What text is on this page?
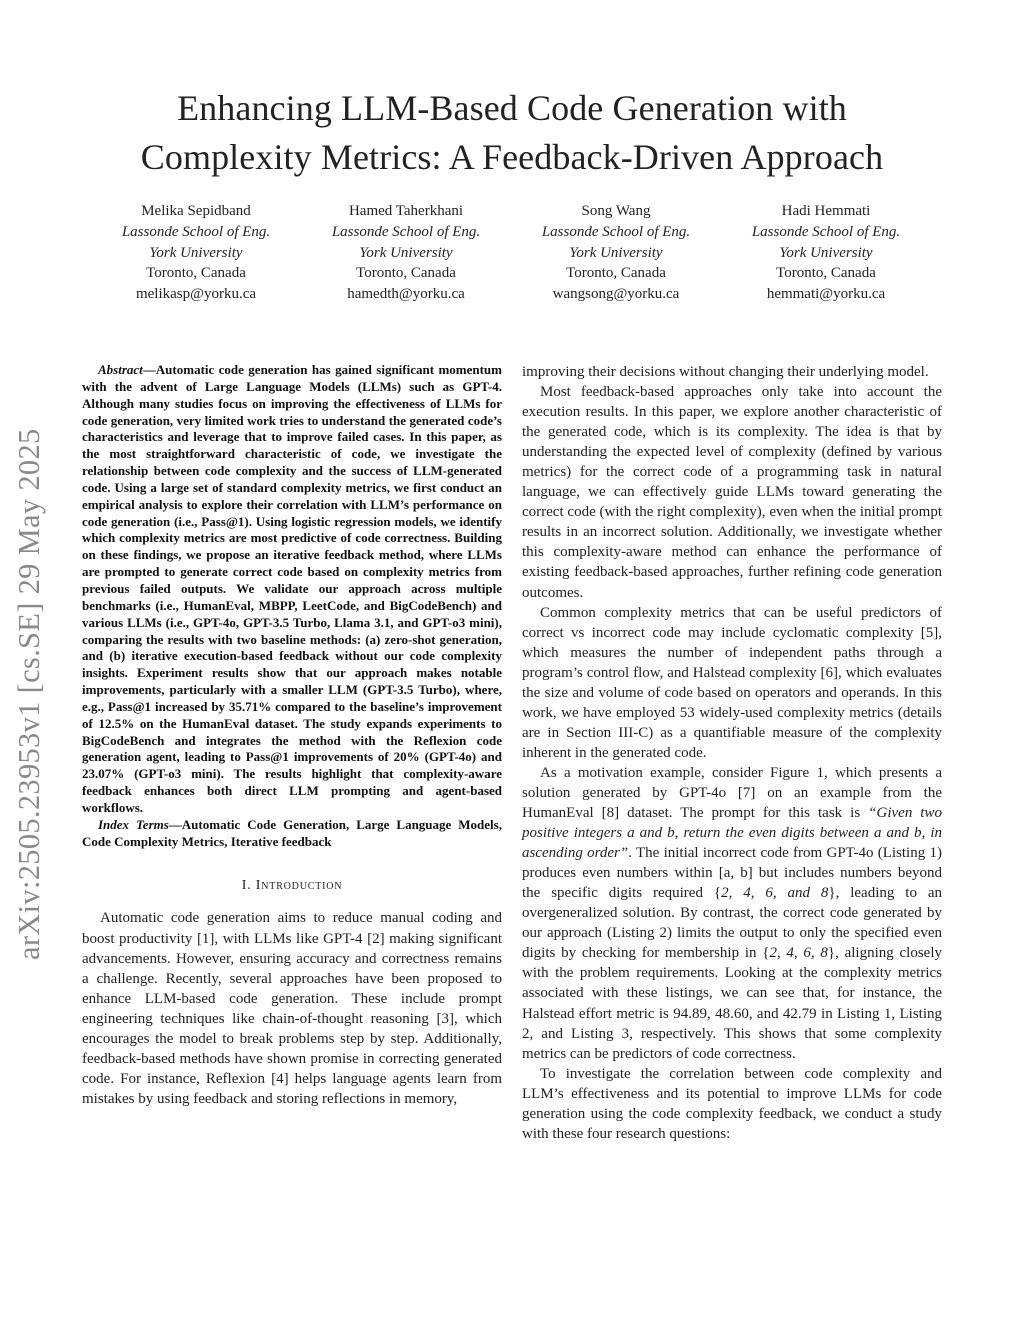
Enhancing LLM-Based Code Generation with
Complexity Metrics: A Feedback-Driven Approach
Melika Sepidband
Lassonde School of Eng.
York University
Toronto, Canada
melikasp@yorku.ca
Hamed Taherkhani
Lassonde School of Eng.
York University
Toronto, Canada
hamedth@yorku.ca
Song Wang
Lassonde School of Eng.
York University
Toronto, Canada
wangsong@yorku.ca
Hadi Hemmati
Lassonde School of Eng.
York University
Toronto, Canada
hemmati@yorku.ca
arXiv:2505.23953v1 [cs.SE] 29 May 2025

Abstract—Automatic code generation has gained significant momentum with the advent of Large Language Models (LLMs) such as GPT-4. Although many studies focus on improving the effectiveness of LLMs for code generation, very limited work tries to understand the generated code’s characteristics and leverage that to improve failed cases. In this paper, as the most straightforward characteristic of code, we investigate the relationship between code complexity and the success of LLM-generated code. Using a large set of standard complexity metrics, we first conduct an empirical analysis to explore their correlation with LLM’s performance on code generation (i.e., Pass@1). Using logistic regression models, we identify which complexity metrics are most predictive of code correctness. Building on these findings, we propose an iterative feedback method, where LLMs are prompted to generate correct code based on complexity metrics from previous failed outputs. We validate our approach across multiple benchmarks (i.e., HumanEval, MBPP, LeetCode, and BigCodeBench) and various LLMs (i.e., GPT-4o, GPT-3.5 Turbo, Llama 3.1, and GPT-o3 mini), comparing the results with two baseline methods: (a) zero-shot generation, and (b) iterative execution-based feedback without our code complexity insights. Experiment results show that our approach makes notable improvements, particularly with a smaller LLM (GPT-3.5 Turbo), where, e.g., Pass@1 increased by 35.71% compared to the baseline’s improvement of 12.5% on the HumanEval dataset. The study expands experiments to BigCodeBench and integrates the method with the Reflexion code generation agent, leading to Pass@1 improvements of 20% (GPT-4o) and 23.07% (GPT-o3 mini). The results highlight that complexity-aware feedback enhances both direct LLM prompting and agent-based workflows.

Index Terms—Automatic Code Generation, Large Language Models, Code Complexity Metrics, Iterative feedback

I. Introduction

Automatic code generation aims to reduce manual coding and boost productivity [1], with LLMs like GPT-4 [2] making significant advancements. However, ensuring accuracy and correctness remains a challenge. Recently, several approaches have been proposed to enhance LLM-based code generation. These include prompt engineering techniques like chain-of-thought reasoning [3], which encourages the model to break problems step by step. Additionally, feedback-based methods have shown promise in correcting generated code. For instance, Reflexion [4] helps language agents learn from mistakes by using feedback and storing reflections in memory,

improving their decisions without changing their underlying model.

Most feedback-based approaches only take into account the execution results. In this paper, we explore another characteristic of the generated code, which is its complexity. The idea is that by understanding the expected level of complexity (defined by various metrics) for the correct code of a programming task in natural language, we can effectively guide LLMs toward generating the correct code (with the right complexity), even when the initial prompt results in an incorrect solution. Additionally, we investigate whether this complexity-aware method can enhance the performance of existing feedback-based approaches, further refining code generation outcomes.

Common complexity metrics that can be useful predictors of correct vs incorrect code may include cyclomatic complexity [5], which measures the number of independent paths through a program’s control flow, and Halstead complexity [6], which evaluates the size and volume of code based on operators and operands. In this work, we have employed 53 widely-used complexity metrics (details are in Section III-C) as a quantifiable measure of the complexity inherent in the generated code.

As a motivation example, consider Figure 1, which presents a solution generated by GPT-4o [7] on an example from the HumanEval [8] dataset. The prompt for this task is “Given two positive integers a and b, return the even digits between a and b, in ascending order”. The initial incorrect code from GPT-4o (Listing 1) produces even numbers within [a, b] but includes numbers beyond the specific digits required {2, 4, 6, and 8}, leading to an overgeneralized solution. By contrast, the correct code generated by our approach (Listing 2) limits the output to only the specified even digits by checking for membership in {2, 4, 6, 8}, aligning closely with the problem requirements. Looking at the complexity metrics associated with these listings, we can see that, for instance, the Halstead effort metric is 94.89, 48.60, and 42.79 in Listing 1, Listing 2, and Listing 3, respectively. This shows that some complexity metrics can be predictors of code correctness.

To investigate the correlation between code complexity and LLM’s effectiveness and its potential to improve LLMs for code generation using the code complexity feedback, we conduct a study with these four research questions:
